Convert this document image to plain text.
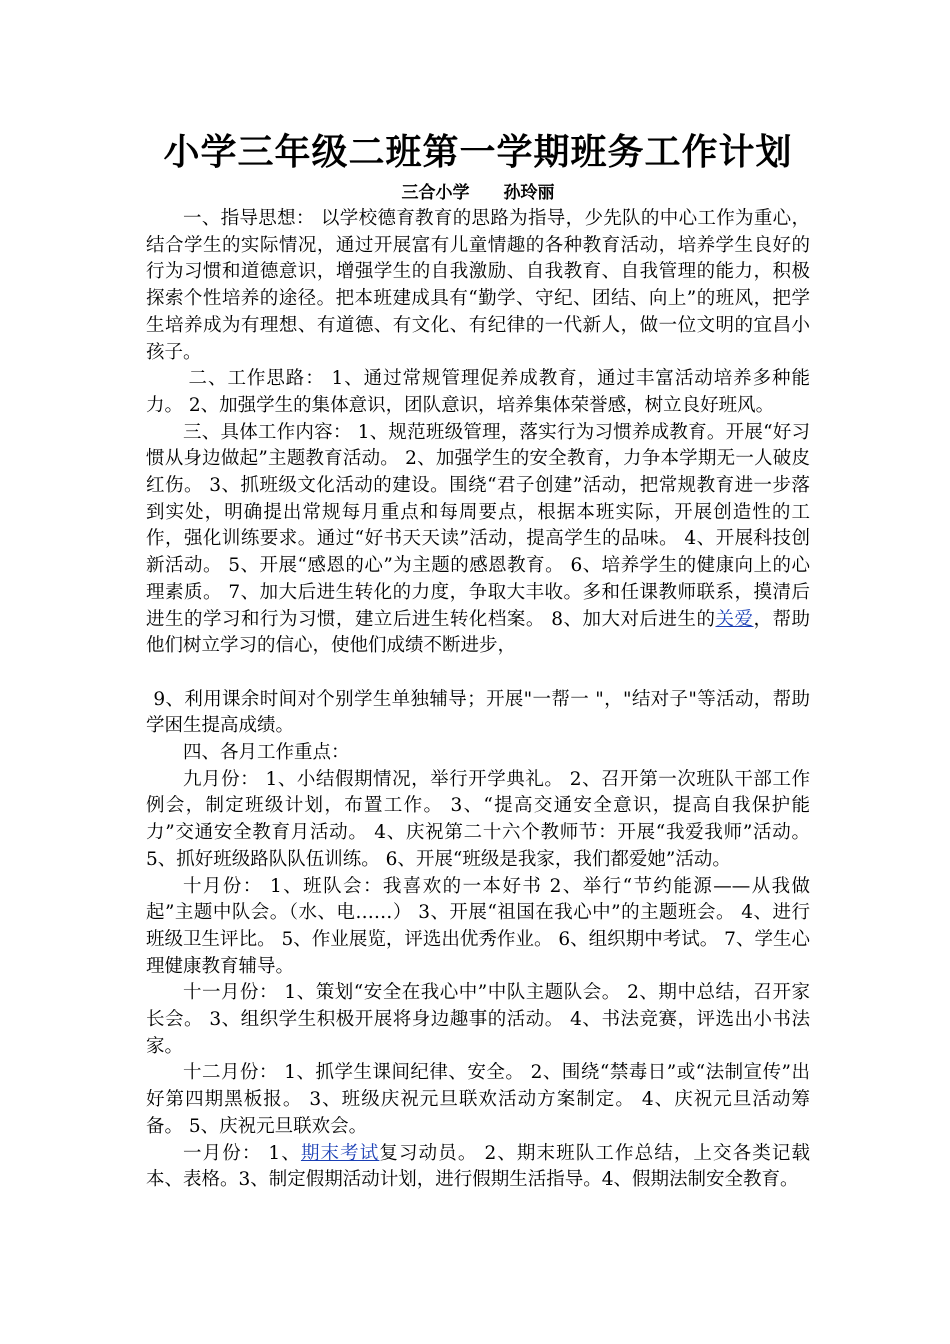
小学三年级二班第一学期班务工作计划

三合小学 孙玲丽

一、指导思想： 以学校德育教育的思路为指导，少先队的中心工作为重心，结合学生的实际情况，通过开展富有儿童情趣的各种教育活动，培养学生良好的行为习惯和道德意识，增强学生的自我激励、自我教育、自我管理的能力，积极探索个性培养的途径。把本班建成具有“勤学、守纪、团结、向上”的班风，把学生培养成为有理想、有道德、有文化、有纪律的一代新人，做一位文明的宜昌小孩子。

二、工作思路： 1、通过常规管理促养成教育，通过丰富活动培养多种能力。 2、加强学生的集体意识，团队意识，培养集体荣誉感，树立良好班风。

三、具体工作内容： 1、规范班级管理，落实行为习惯养成教育。开展“好习惯从身边做起”主题教育活动。 2、加强学生的安全教育，力争本学期无一人破皮红伤。 3、抓班级文化活动的建设。围绕“君子创建”活动，把常规教育进一步落到实处，明确提出常规每月重点和每周要点，根据本班实际，开展创造性的工作，强化训练要求。通过“好书天天读”活动，提高学生的品味。 4、开展科技创新活动。 5、开展“感恩的心”为主题的感恩教育。 6、培养学生的健康向上的心理素质。 7、加大后进生转化的力度，争取大丰收。多和任课教师联系，摸清后进生的学习和行为习惯，建立后进生转化档案。 8、加大对后进生的关爱，帮助他们树立学习的信心，使他们成绩不断进步，

9、利用课余时间对个别学生单独辅导；开展"一帮一 "，"结对子"等活动，帮助学困生提高成绩。

四、各月工作重点：

九月份： 1、小结假期情况，举行开学典礼。 2、召开第一次班队干部工作例会，制定班级计划，布置工作。 3、“提高交通安全意识，提高自我保护能力”交通安全教育月活动。 4、庆祝第二十六个教师节：开展“我爱我师”活动。 5、抓好班级路队队伍训练。 6、开展“班级是我家，我们都爱她”活动。

十月份： 1、班队会：我喜欢的一本好书 2、举行“节约能源——从我做起”主题中队会。（水、电……） 3、开展“祖国在我心中”的主题班会。 4、进行班级卫生评比。 5、作业展览，评选出优秀作业。 6、组织期中考试。 7、学生心理健康教育辅导。

十一月份： 1、策划“安全在我心中”中队主题队会。 2、期中总结，召开家长会。 3、组织学生积极开展将身边趣事的活动。 4、书法竞赛，评选出小书法家。

十二月份： 1、抓学生课间纪律、安全。 2、围绕“禁毒日”或“法制宣传”出好第四期黑板报。 3、班级庆祝元旦联欢活动方案制定。 4、庆祝元旦活动筹备。 5、庆祝元旦联欢会。

一月份： 1、期末考试复习动员。 2、期末班队工作总结，上交各类记载本、表格。3、制定假期活动计划，进行假期生活指导。4、假期法制安全教育。
